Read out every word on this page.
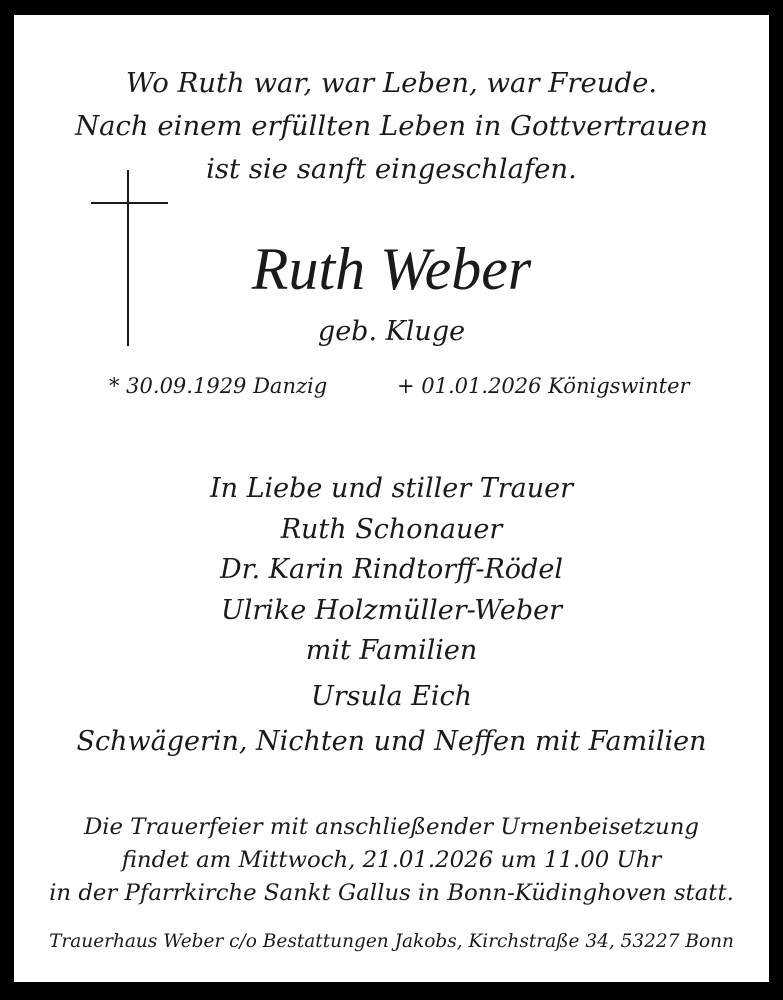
Wo Ruth war, war Leben, war Freude.
Nach einem erfüllten Leben in Gottvertrauen
ist sie sanft eingeschlafen.
Ruth Weber
geb. Kluge
* 30.09.1929 Danzig	+ 01.01.2026 Königswinter
In Liebe und stiller Trauer
Ruth Schonauer
Dr. Karin Rindtorff-Rödel
Ulrike Holzmüller-Weber
mit Familien
Ursula Eich
Schwägerin, Nichten und Neffen mit Familien
Die Trauerfeier mit anschließender Urnenbeisetzung
findet am Mittwoch, 21.01.2026 um 11.00 Uhr
in der Pfarrkirche Sankt Gallus in Bonn-Küdinghoven statt.
Trauerhaus Weber c/o Bestattungen Jakobs, Kirchstraße 34, 53227 Bonn
